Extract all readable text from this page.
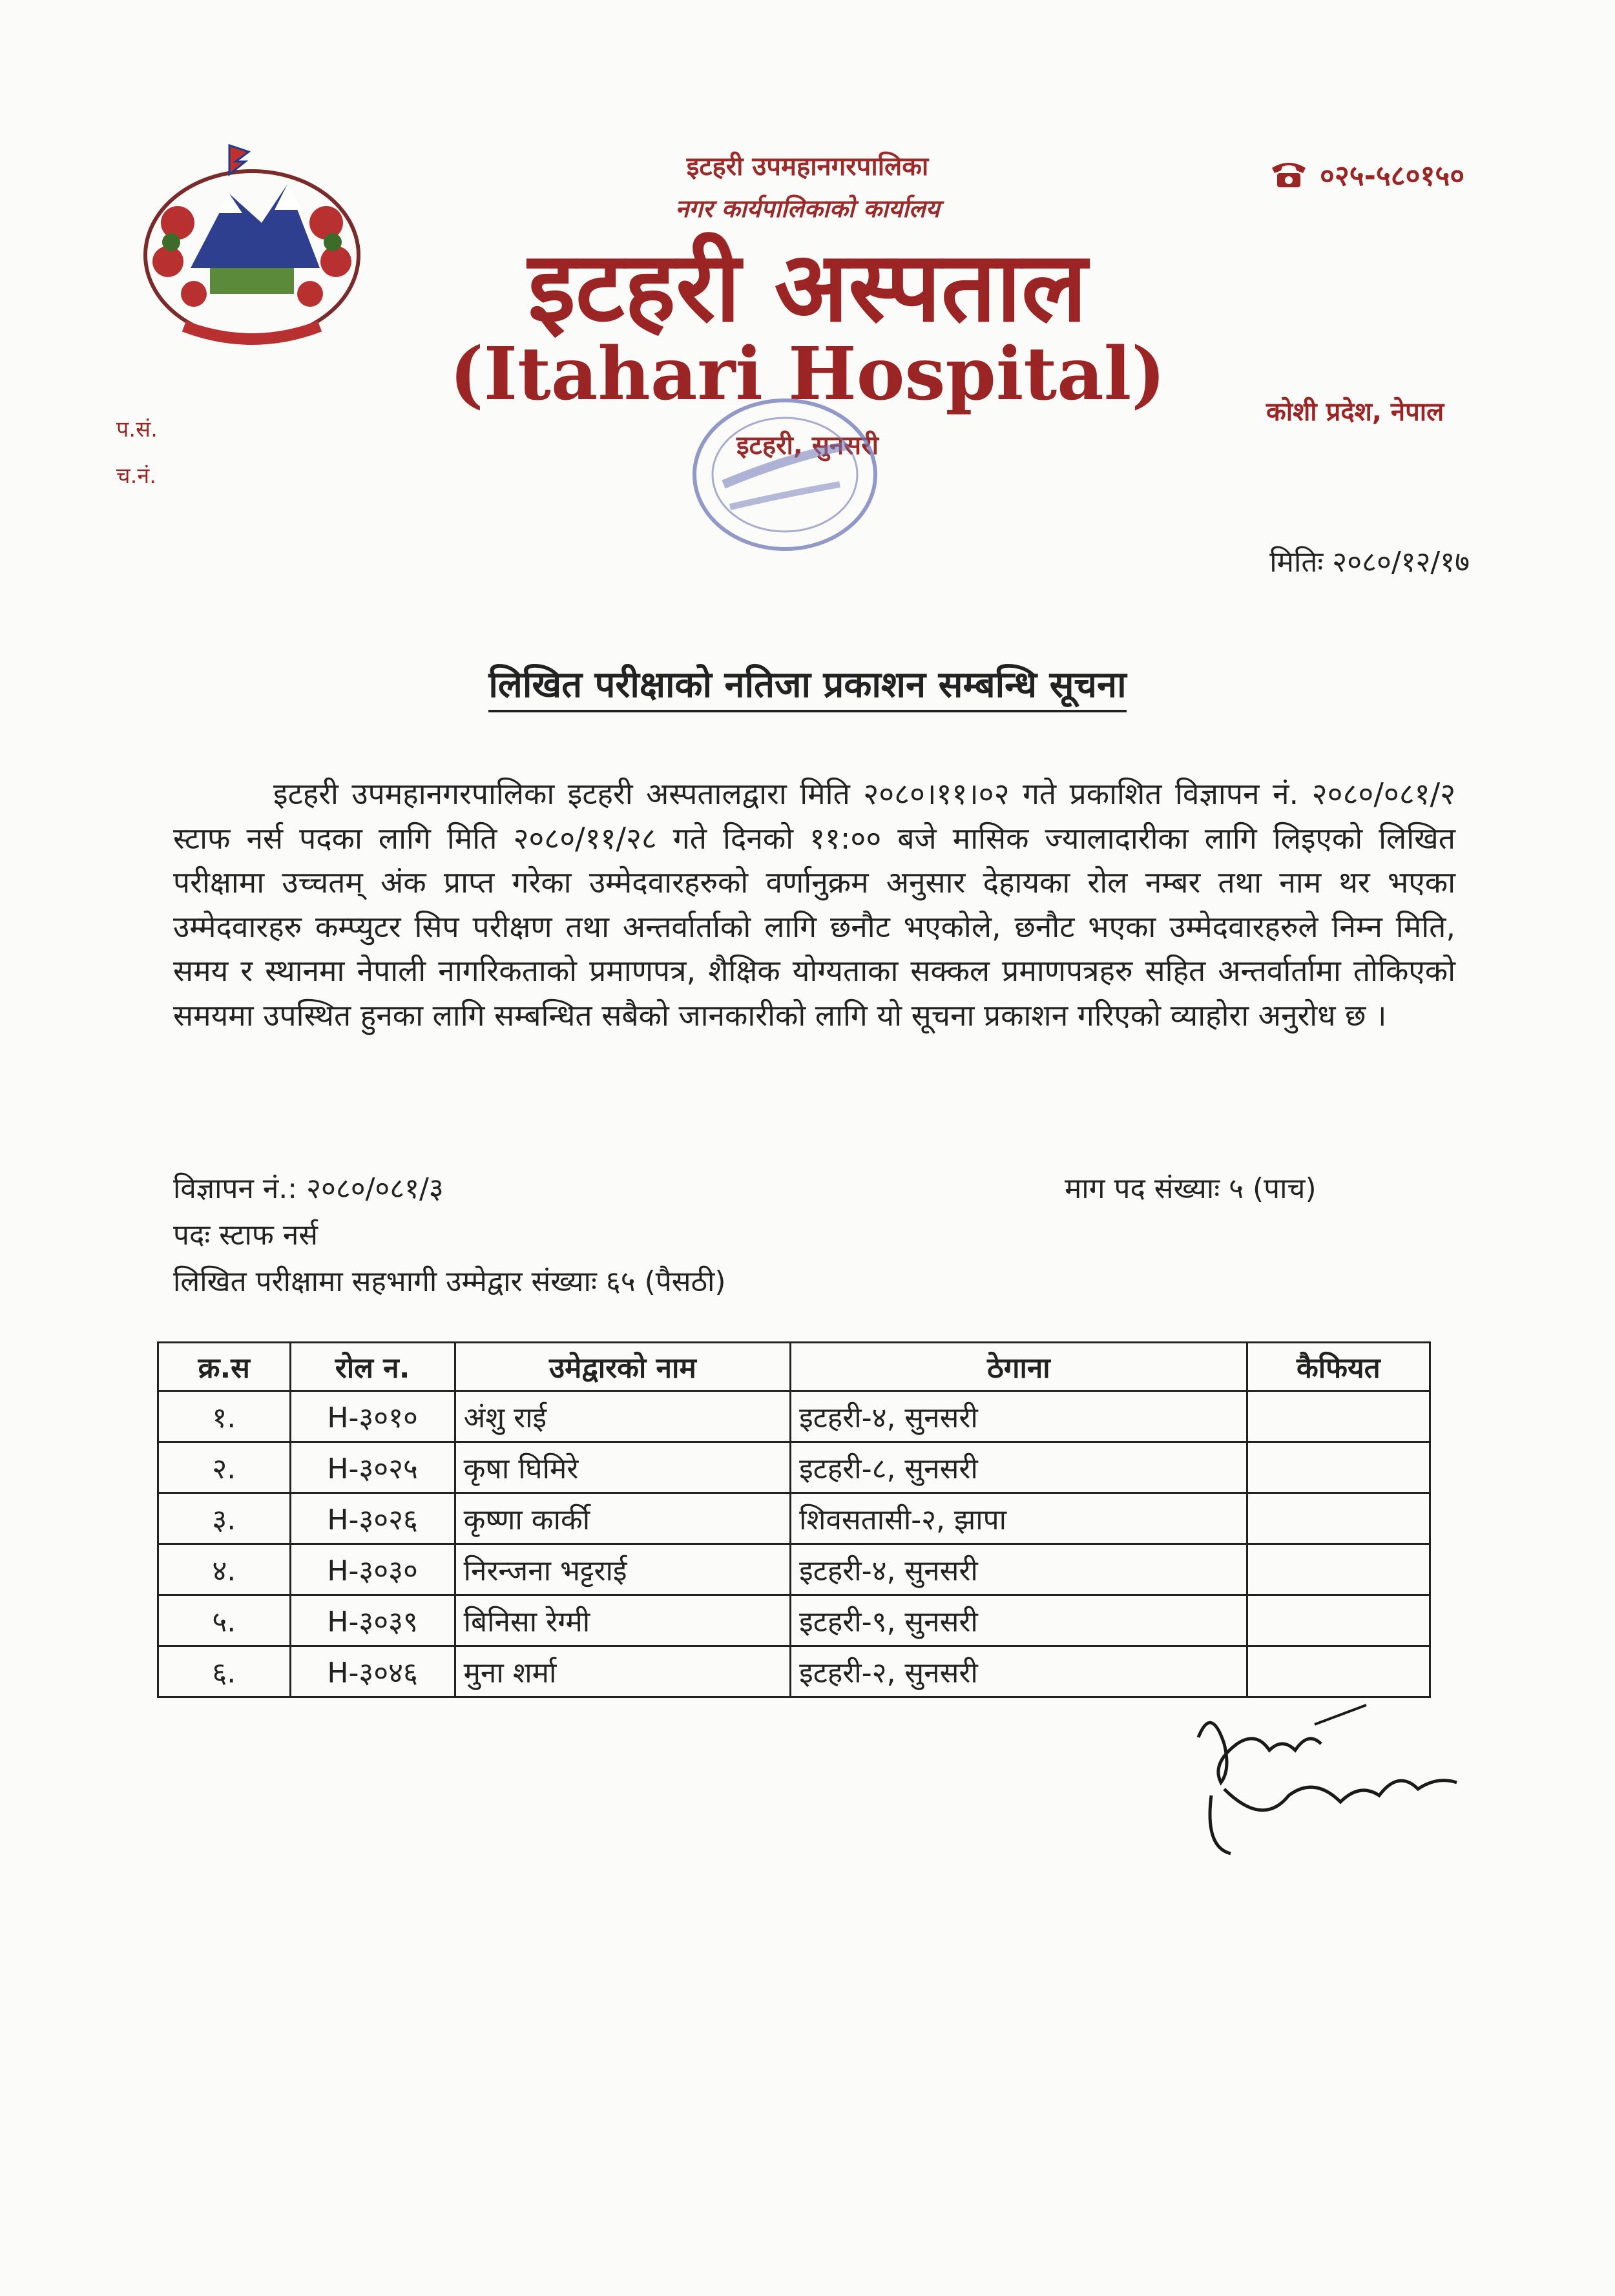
इटहरी उपमहानगरपालिका
नगर कार्यपालिकाको कार्यालय
इटहरी अस्पताल
(Itahari Hospital)
इटहरी, सुनसरी
०२५-५८०१५०
कोशी प्रदेश, नेपाल
प.सं.
च.नं.
मितिः २०८०/१२/१७
लिखित परीक्षाको नतिजा प्रकाशन सम्बन्धि सूचना
इटहरी उपमहानगरपालिका इटहरी अस्पतालद्वारा मिति २०८०।११।०२ गते प्रकाशित विज्ञापन नं. २०८०/०८१/२ स्टाफ नर्स पदका लागि मिति २०८०/११/२८ गते दिनको ११:०० बजे मासिक ज्यालादारीका लागि लिइएको लिखित परीक्षामा उच्चतम् अंक प्राप्त गरेका उम्मेदवारहरुको वर्णानुक्रम अनुसार देहायका रोल नम्बर तथा नाम थर भएका उम्मेदवारहरु कम्प्युटर सिप परीक्षण तथा अन्तर्वार्ताको लागि छनौट भएकोले, छनौट भएका उम्मेदवारहरुले निम्न मिति, समय र स्थानमा नेपाली नागरिकताको प्रमाणपत्र, शैक्षिक योग्यताका सक्कल प्रमाणपत्रहरु सहित अन्तर्वार्तामा तोकिएको समयमा उपस्थित हुनका लागि सम्बन्धित सबैको जानकारीको लागि यो सूचना प्रकाशन गरिएको व्याहोरा अनुरोध छ ।
विज्ञापन नं.: २०८०/०८१/३	माग पद संख्याः ५ (पाच)
पदः स्टाफ नर्स
लिखित परीक्षामा सहभागी उम्मेद्वार संख्याः ६५ (पैसठी)
क्र.स	रोल न.	उमेद्वारको नाम	ठेगाना	कैफियत
१.	H-३०१०	अंशु राई	इटहरी-४, सुनसरी	
२.	H-३०२५	कृषा घिमिरे	इटहरी-८, सुनसरी	
३.	H-३०२६	कृष्णा कार्की	शिवसतासी-२, झापा	
४.	H-३०३०	निरन्जना भट्टराई	इटहरी-४, सुनसरी	
५.	H-३०३९	बिनिसा रेग्मी	इटहरी-९, सुनसरी	
६.	H-३०४६	मुना शर्मा	इटहरी-२, सुनसरी	
